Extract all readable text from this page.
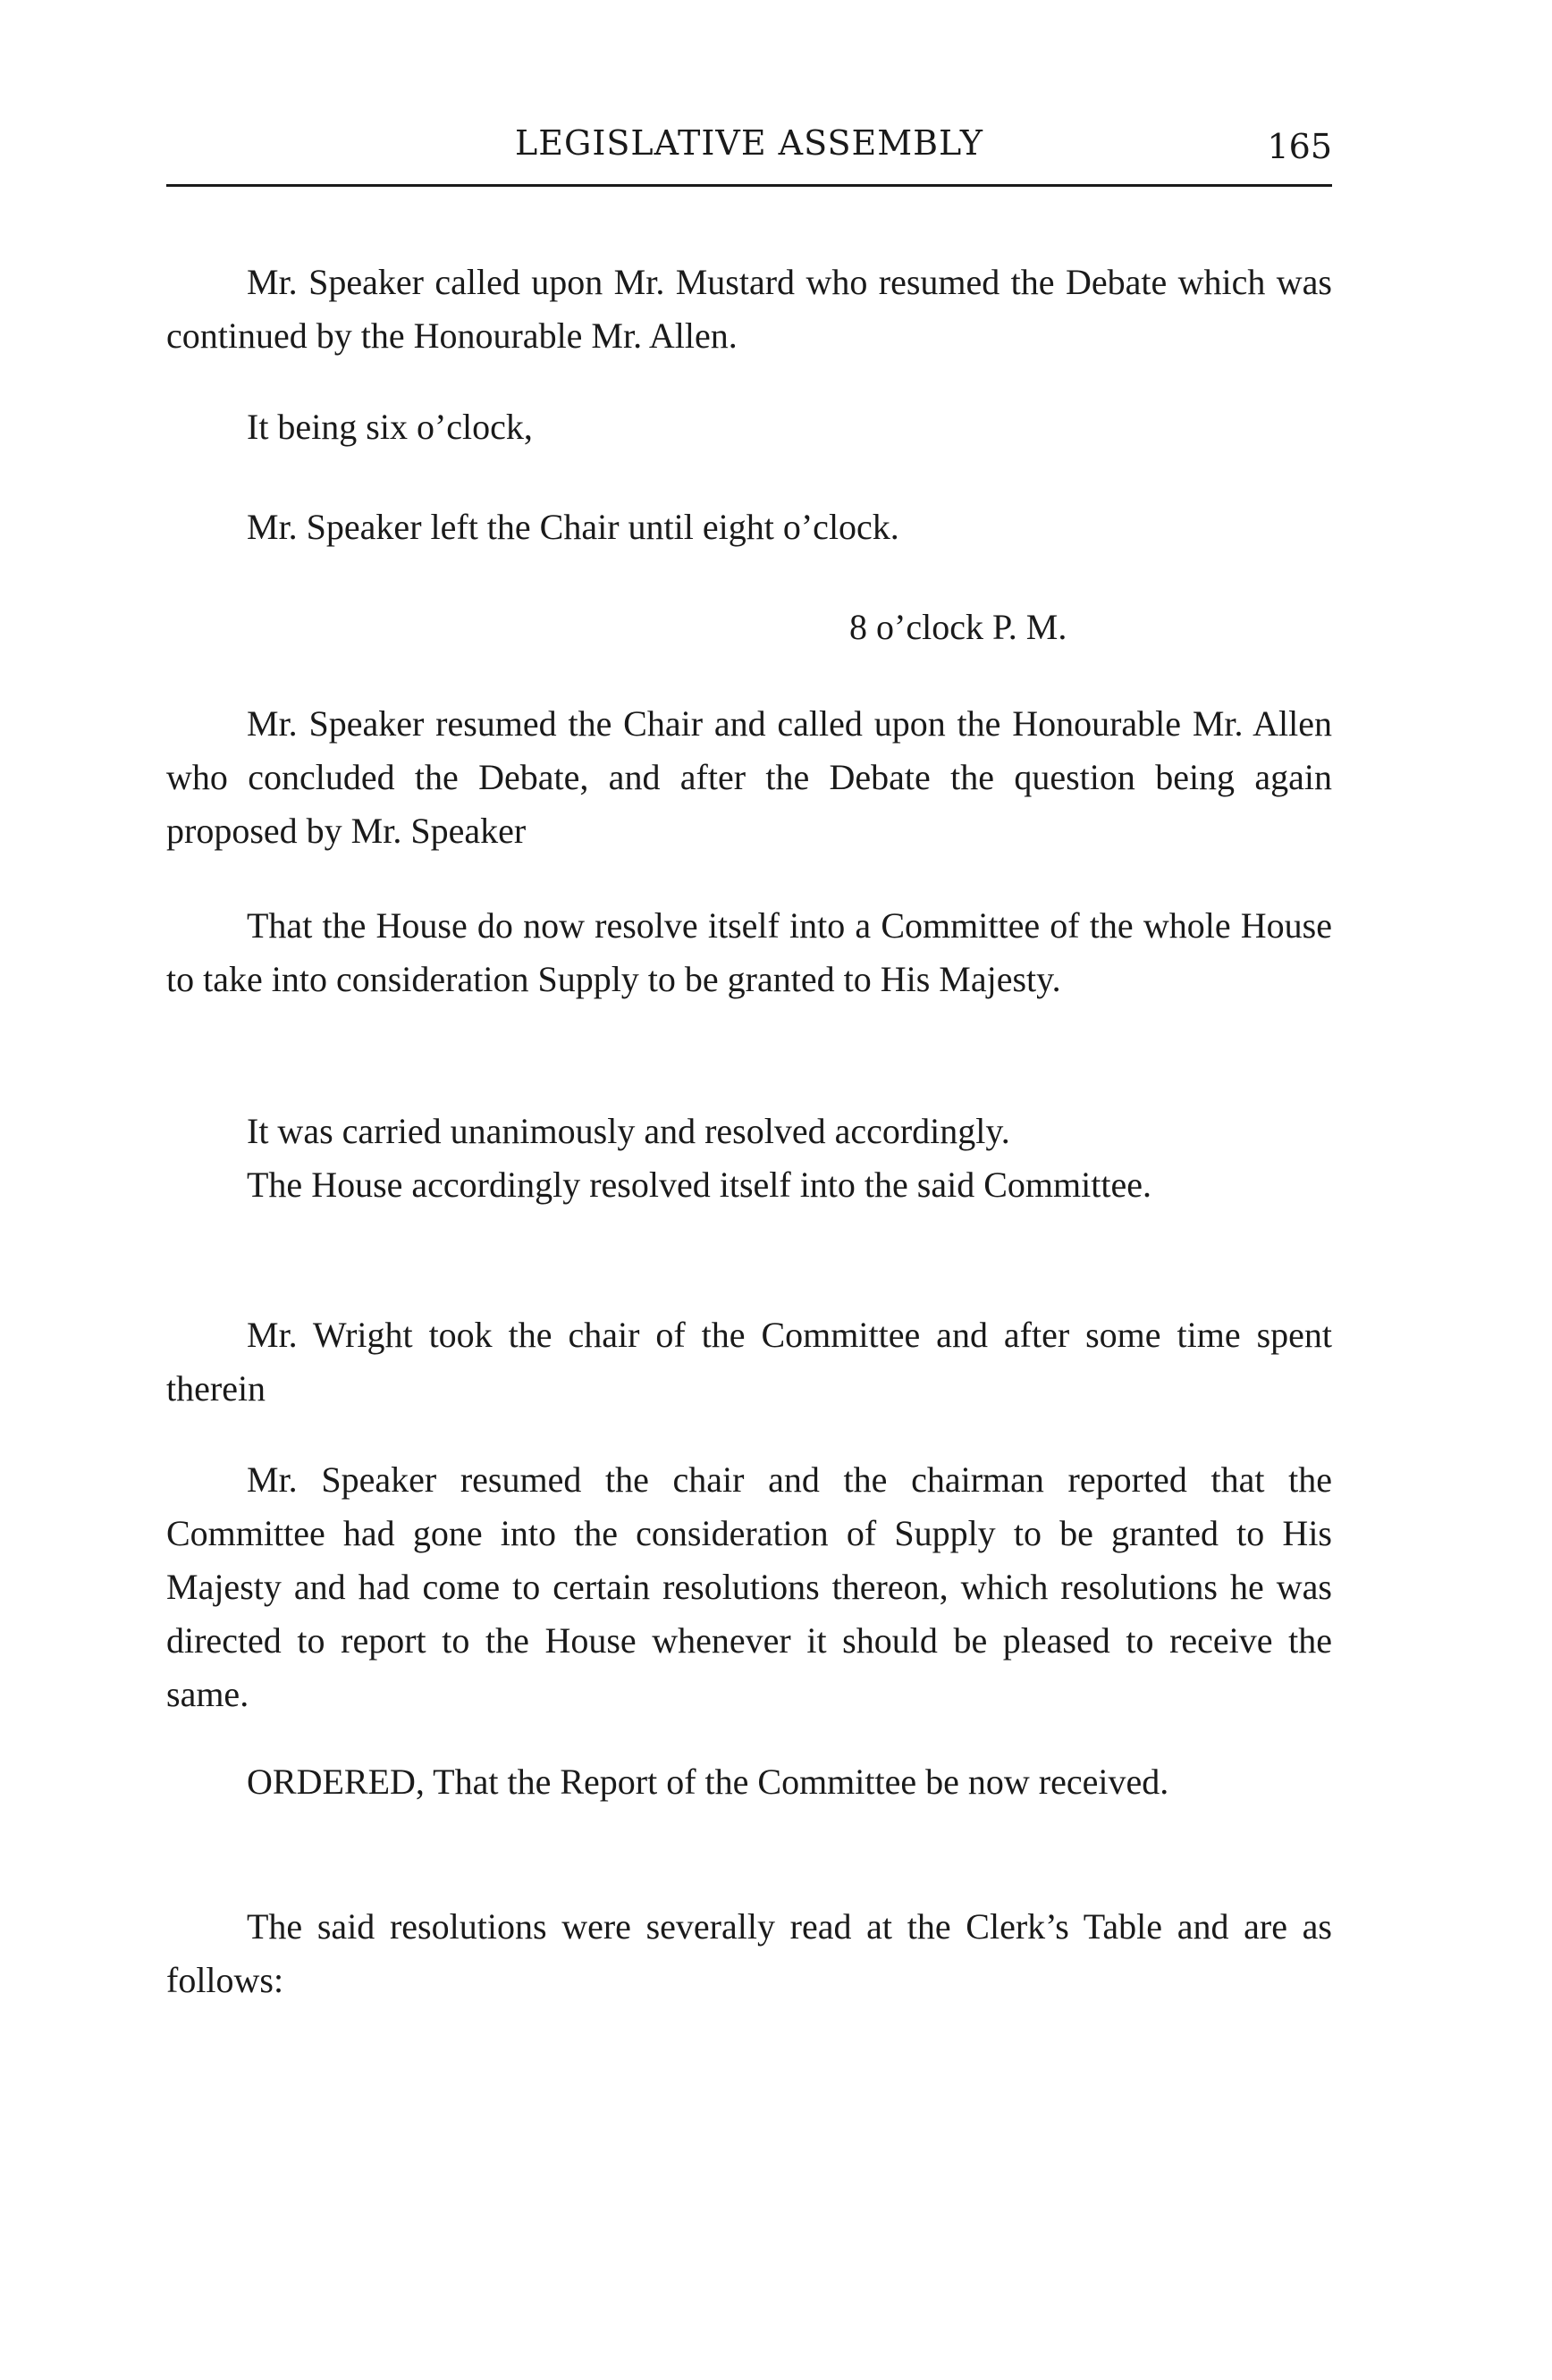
LEGISLATIVE ASSEMBLY	165

Mr. Speaker called upon Mr. Mustard who resumed the Debate which was continued by the Honourable Mr. Allen.

It being six o’clock,

Mr. Speaker left the Chair until eight o’clock.

8 o’clock P. M.

Mr. Speaker resumed the Chair and called upon the Honourable Mr. Allen who concluded the Debate, and after the Debate the question being again proposed by Mr. Speaker

That the House do now resolve itself into a Committee of the whole House to take into consideration Supply to be granted to His Majesty.

It was carried unanimously and resolved accordingly.

The House accordingly resolved itself into the said Committee.

Mr. Wright took the chair of the Committee and after some time spent therein

Mr. Speaker resumed the chair and the chairman reported that the Committee had gone into the consideration of Supply to be granted to His Majesty and had come to certain resolutions thereon, which resolutions he was directed to report to the House whenever it should be pleased to receive the same.

ORDERED, That the Report of the Committee be now received.

The said resolutions were severally read at the Clerk’s Table and are as follows:
